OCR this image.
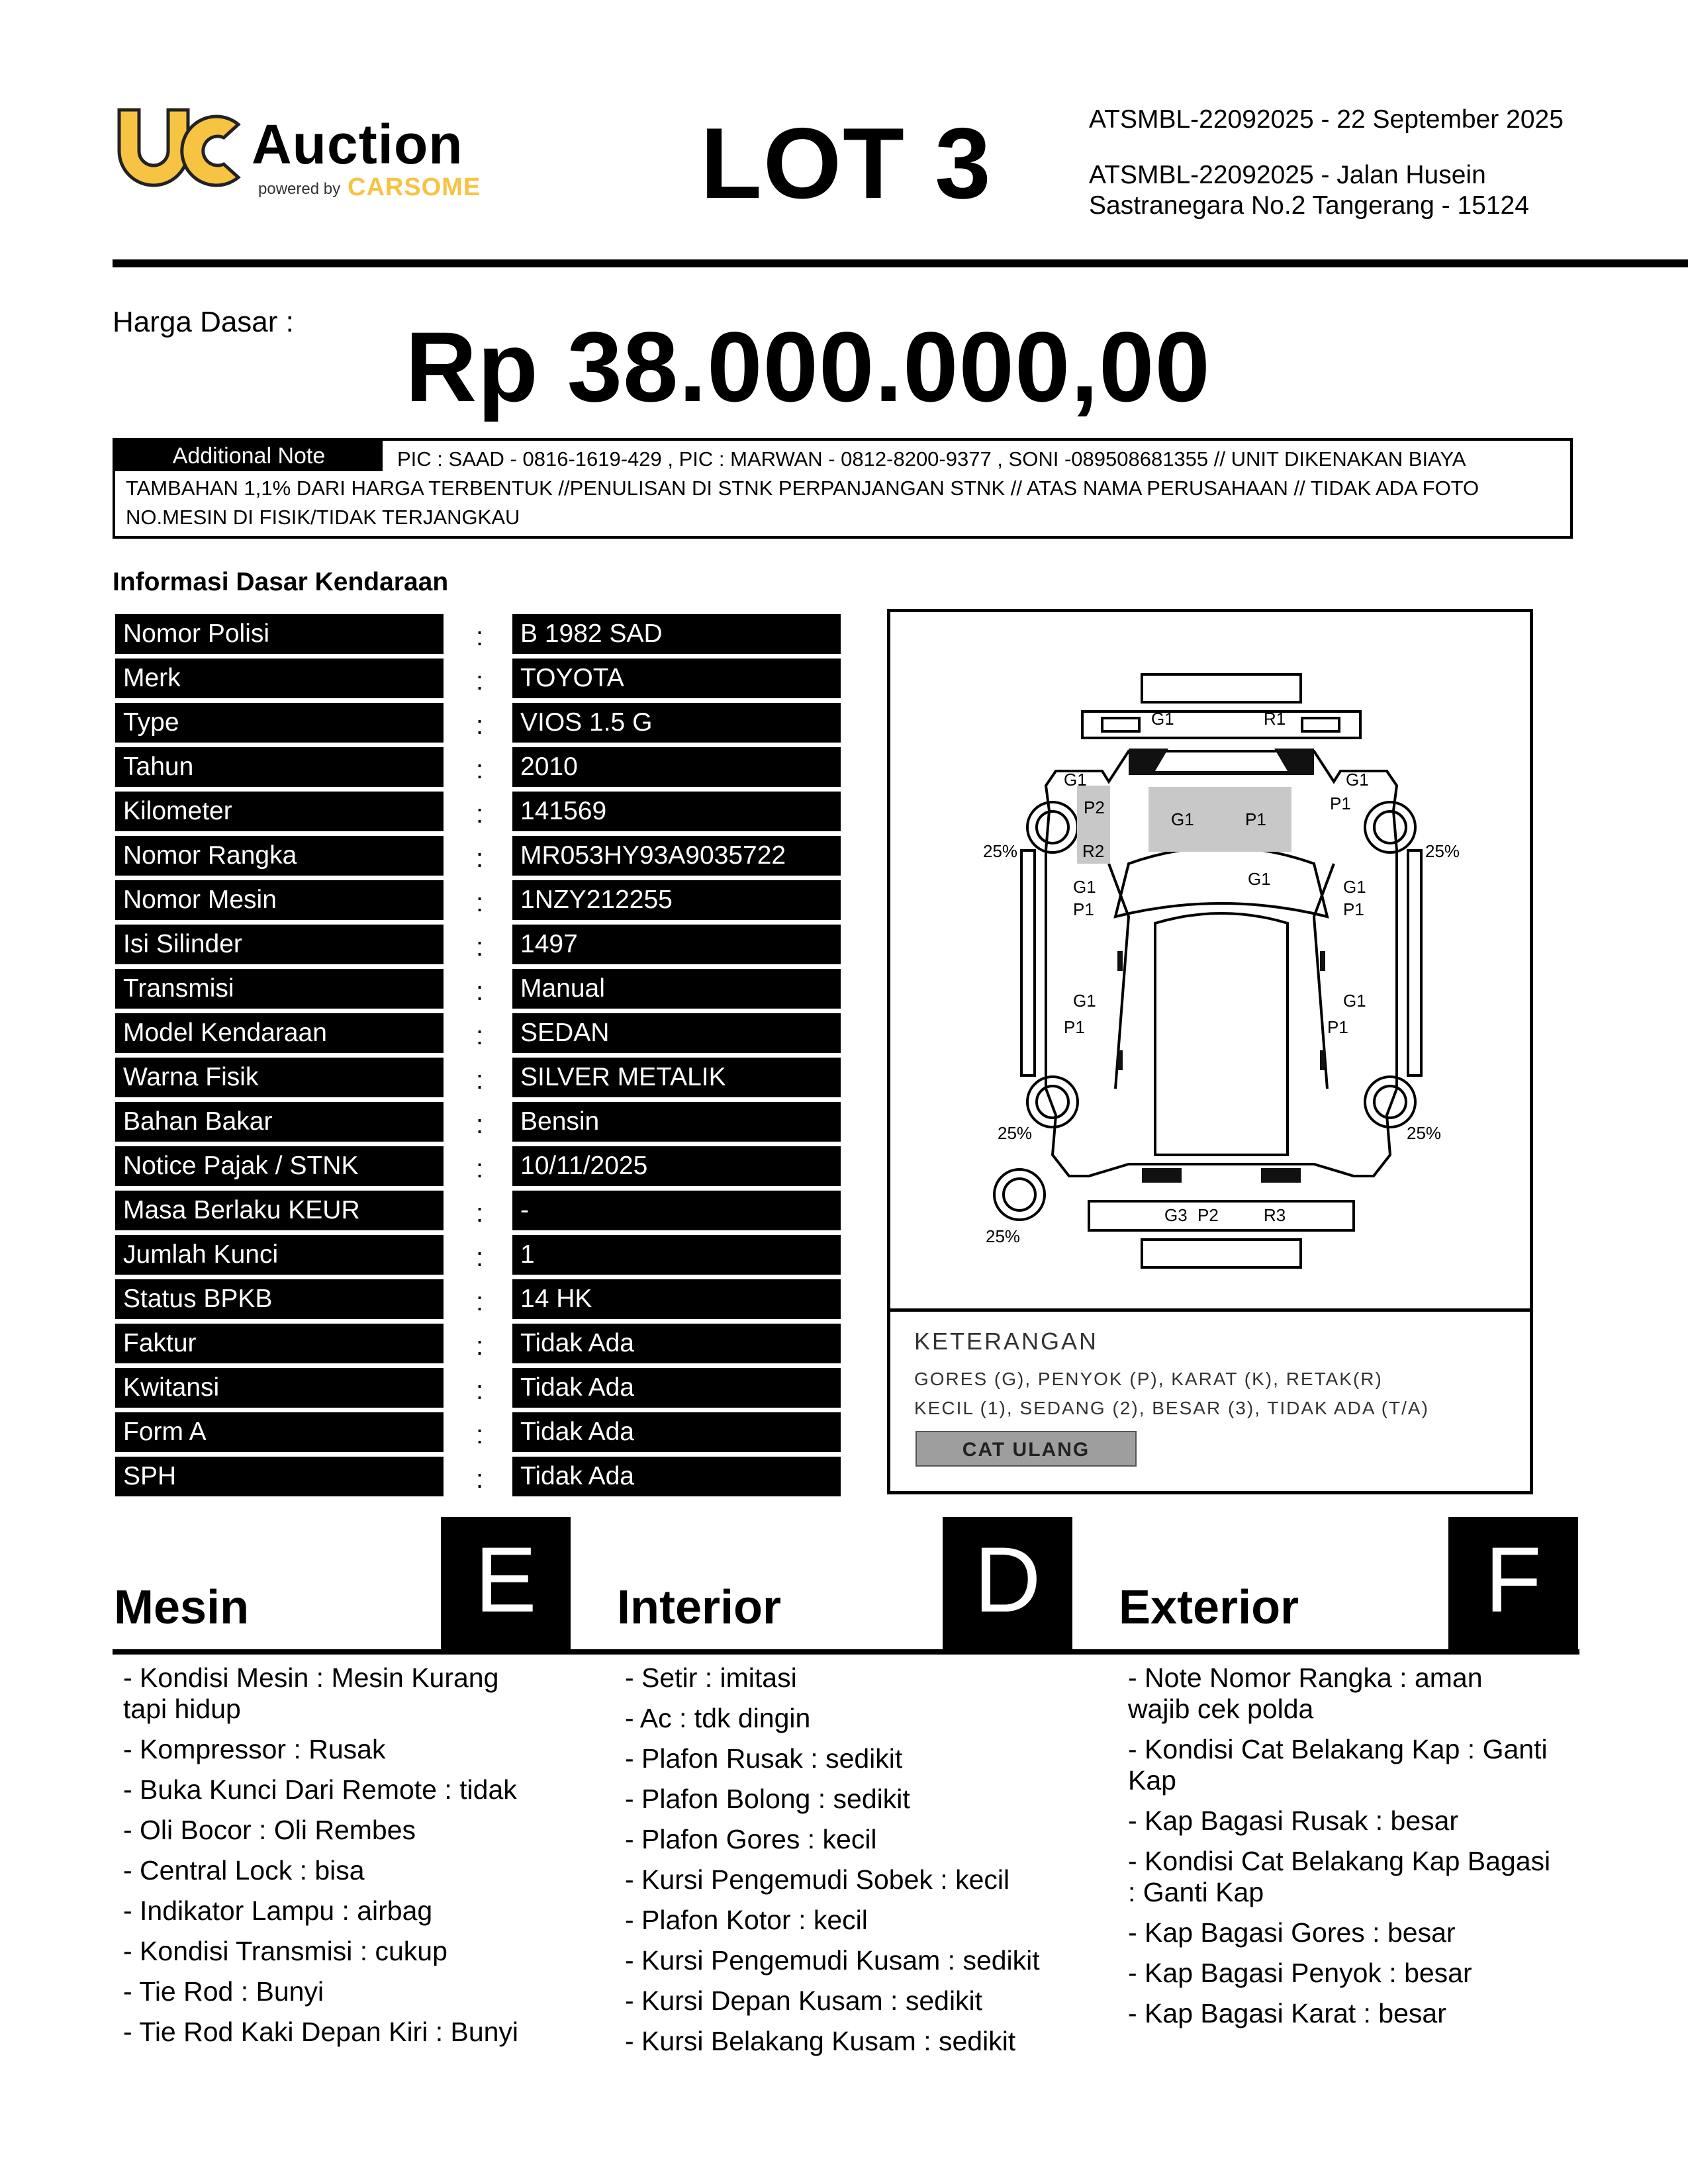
Auction
powered by CARSOME LOT 3	ATSMBL-22092025 - 22 September 2025

ATSMBL-22092025 - Jalan Husein Sastranegara No.2 Tangerang - 15124

Harga Dasar : Rp 38.000.000,00
PIC : SAAD - 0816-1619-429 , PIC : MARWAN - 0812-8200-9377 , SONI -089508681355 // UNIT DIKENAKAN BIAYA TAMBAHAN 1,1% DARI HARGA TERBENTUK //PENULISAN DI STNK PERPANJANGAN STNK // ATAS NAMA PERUSAHAAN // TIDAK ADA FOTO NO.MESIN DI FISIK/TIDAK TERJANGKAU
Additional Note
Informasi Dasar Kendaraan
Nomor Polisi	:	B 1982 SAD
Merk	:	TOYOTA
Type	:	VIOS 1.5 G
Tahun	:	2010
Kilometer	:	141569
Nomor Rangka	:	MR053HY93A9035722
Nomor Mesin	:	1NZY212255
Isi Silinder	:	1497
Transmisi	:	Manual
Model Kendaraan	:	SEDAN
Warna Fisik	:	SILVER METALIK
Bahan Bakar	:	Bensin
Notice Pajak / STNK	:	10/11/2025
Masa Berlaku KEUR	:	-
Jumlah Kunci	:	1
Status BPKB	:	14 HK
Faktur	:	Tidak Ada
Kwitansi	:	Tidak Ada
Form A	:	Tidak Ada
SPH	:	Tidak Ada
G1	R1
G1	P1
G1
P2
R2
G1
P1
G1
G1
P1
G1
P1
G1
P1
G1
P1
G3 P2	R3
25%	25%
25%	25%
25%
KETERANGAN
GORES (G), PENYOK (P), KARAT (K), RETAK(R)
KECIL (1), SEDANG (2), BESAR (3), TIDAK ADA (T/A)
CAT ULANG
Mesin	E	Interior	D	Exterior	F
- Kondisi Mesin : Mesin Kurang tapi hidup
- Kompressor : Rusak
- Buka Kunci Dari Remote : tidak
- Oli Bocor : Oli Rembes
- Central Lock : bisa
- Indikator Lampu : airbag
- Kondisi Transmisi : cukup
- Tie Rod : Bunyi
- Tie Rod Kaki Depan Kiri : Bunyi
- Setir : imitasi
- Ac : tdk dingin
- Plafon Rusak : sedikit
- Plafon Bolong : sedikit
- Plafon Gores : kecil
- Kursi Pengemudi Sobek : kecil
- Plafon Kotor : kecil
- Kursi Pengemudi Kusam : sedikit
- Kursi Depan Kusam : sedikit
- Kursi Belakang Kusam : sedikit
- Note Nomor Rangka : aman wajib cek polda
- Kondisi Cat Belakang Kap : Ganti Kap
- Kap Bagasi Rusak : besar
- Kondisi Cat Belakang Kap Bagasi : Ganti Kap
- Kap Bagasi Gores : besar
- Kap Bagasi Penyok : besar
- Kap Bagasi Karat : besar
